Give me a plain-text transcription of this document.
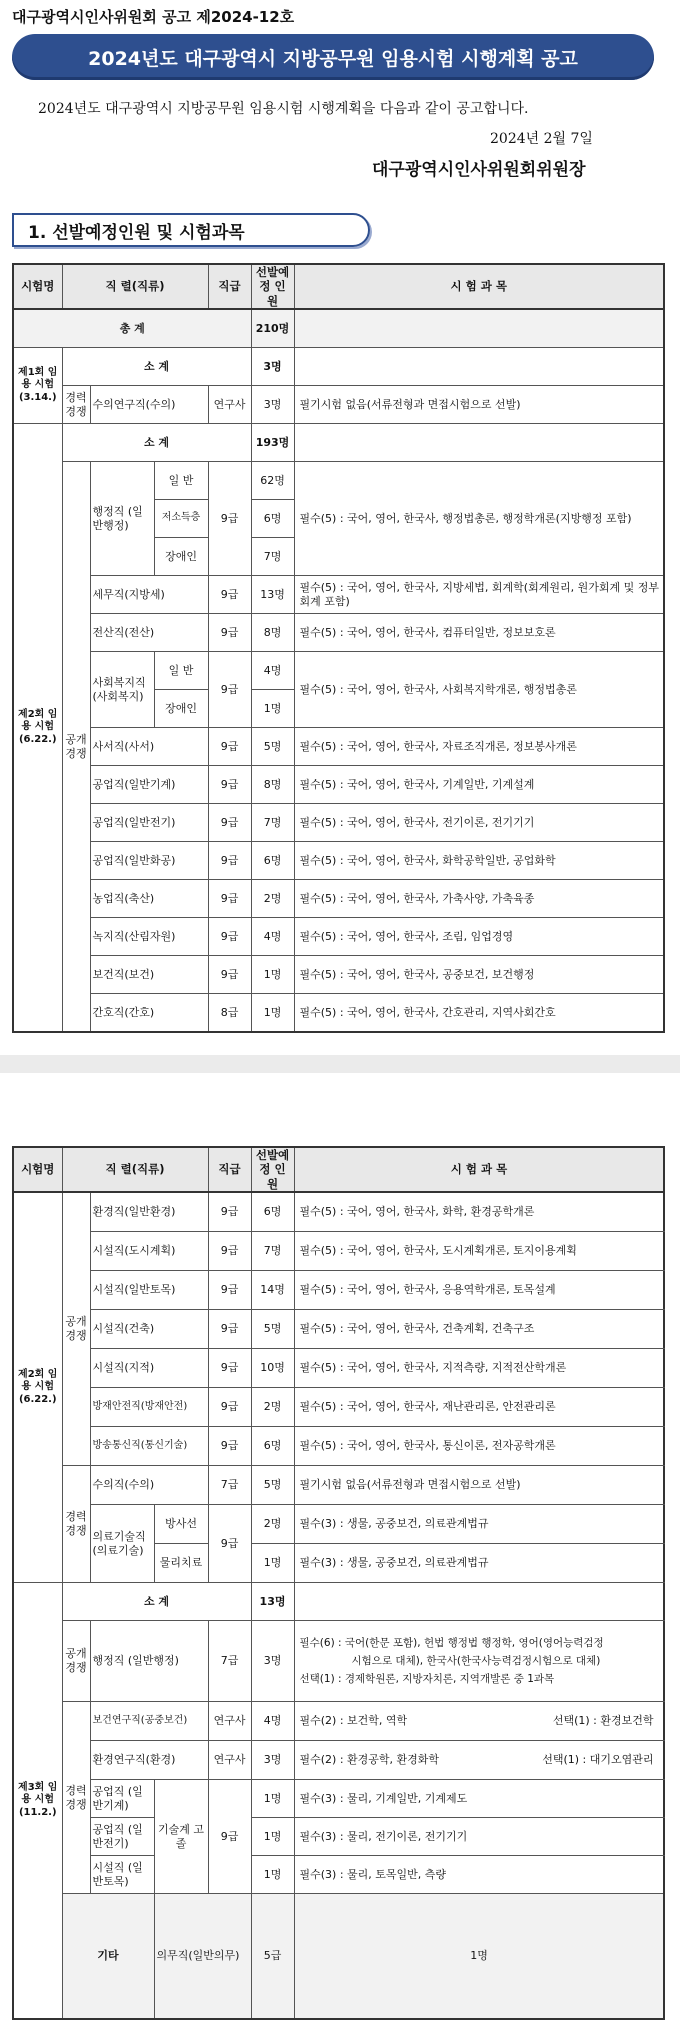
대구광역시인사위원회 공고 제2024-12호
2024년도 대구광역시 지방공무원 임용시험 시행계획 공고
2024년도 대구광역시 지방공무원 임용시험 시행계획을 다음과 같이 공고합니다.
2024년 2월 7일
대구광역시인사위원회위원장
1. 선발예정인원 및 시험과목
시험명	직 렬(직류)			직급	선발예정 인 원	시 험 과 목
총 계					210명	
제1회 임용 시험 (3.14.)	소 계				3명	
	경력 경쟁	수의연구직(수의)		연구사	3명	필기시험 없음(서류전형과 면접시험으로 선발)
제2회 임용 시험 (6.22.)	소 계				193명	
	공개 경쟁	행정직 (일반행정)	일 반	9급	62명	필수(5) : 국어, 영어, 한국사, 행정법총론, 행정학개론(지방행정 포함)
			저소득층		6명	
			장애인		7명	
		세무직(지방세)		9급	13명	필수(5) : 국어, 영어, 한국사, 지방세법, 회계학(회계원리, 원가회계 및 정부회계 포함)
		전산직(전산)		9급	8명	필수(5) : 국어, 영어, 한국사, 컴퓨터일반, 정보보호론
		사회복지직 (사회복지)	일 반	9급	4명	필수(5) : 국어, 영어, 한국사, 사회복지학개론, 행정법총론
			장애인		1명	
		사서직(사서)		9급	5명	필수(5) : 국어, 영어, 한국사, 자료조직개론, 정보봉사개론
		공업직(일반기계)		9급	8명	필수(5) : 국어, 영어, 한국사, 기계일반, 기계설계
		공업직(일반전기)		9급	7명	필수(5) : 국어, 영어, 한국사, 전기이론, 전기기기
		공업직(일반화공)		9급	6명	필수(5) : 국어, 영어, 한국사, 화학공학일반, 공업화학
		농업직(축산)		9급	2명	필수(5) : 국어, 영어, 한국사, 가축사양, 가축육종
		녹지직(산림자원)		9급	4명	필수(5) : 국어, 영어, 한국사, 조림, 임업경영
		보건직(보건)		9급	1명	필수(5) : 국어, 영어, 한국사, 공중보건, 보건행정
		간호직(간호)		8급	1명	필수(5) : 국어, 영어, 한국사, 간호관리, 지역사회간호
시험명	직 렬(직류)			직급	선발예정 인 원	시 험 과 목	
제2회 임용 시험 (6.22.)	공개 경쟁	환경직(일반환경)		9급	6명	필수(5) : 국어, 영어, 한국사, 화학, 환경공학개론	
		시설직(도시계획)		9급	7명	필수(5) : 국어, 영어, 한국사, 도시계획개론, 토지이용계획	
		시설직(일반토목)		9급	14명	필수(5) : 국어, 영어, 한국사, 응용역학개론, 토목설계	
		시설직(건축)		9급	5명	필수(5) : 국어, 영어, 한국사, 건축계획, 건축구조	
		시설직(지적)		9급	10명	필수(5) : 국어, 영어, 한국사, 지적측량, 지적전산학개론	
		방재안전직(방재안전)		9급	2명	필수(5) : 국어, 영어, 한국사, 재난관리론, 안전관리론	
		방송통신직(통신기술)		9급	6명	필수(5) : 국어, 영어, 한국사, 통신이론, 전자공학개론	
	경력 경쟁	수의직(수의)		7급	5명	필기시험 없음(서류전형과 면접시험으로 선발)	
		의료기술직 (의료기술)	방사선	9급	2명	필수(3) : 생물, 공중보건, 의료관계법규	
			물리치료		1명	필수(3) : 생물, 공중보건, 의료관계법규	
제3회 임용 시험 (11.2.)	소 계				13명		
	공개 경쟁	행정직 (일반행정)		7급	3명	필수(6) : 국어(한문 포함), 헌법 행정법 행정학, 영어(영어능력검정
시험으로 대체), 한국사(한국사능력검정시험으로 대체)
선택(1) : 경제학원론, 지방자치론, 지역개발론 중 1과목	

	경력 경쟁	보건연구직(공중보건)		연구사	4명	필수(2) : 보건학, 역학 선택(1) : 환경보건학	

		환경연구직(환경)		연구사	3명	필수(2) : 환경공학, 환경화학 선택(1) : 대기오염관리	

		공업직 (일반기계)	기술계 고 졸	9급	1명	필수(3) : 물리, 기계일반, 기계제도	
		공업직 (일반전기)			1명	필수(3) : 물리, 전기이론, 전기기기	
		시설직 (일반토목)			1명	필수(3) : 물리, 토목일반, 측량	
	기타		의무직(일반의무)		5급	1명	
